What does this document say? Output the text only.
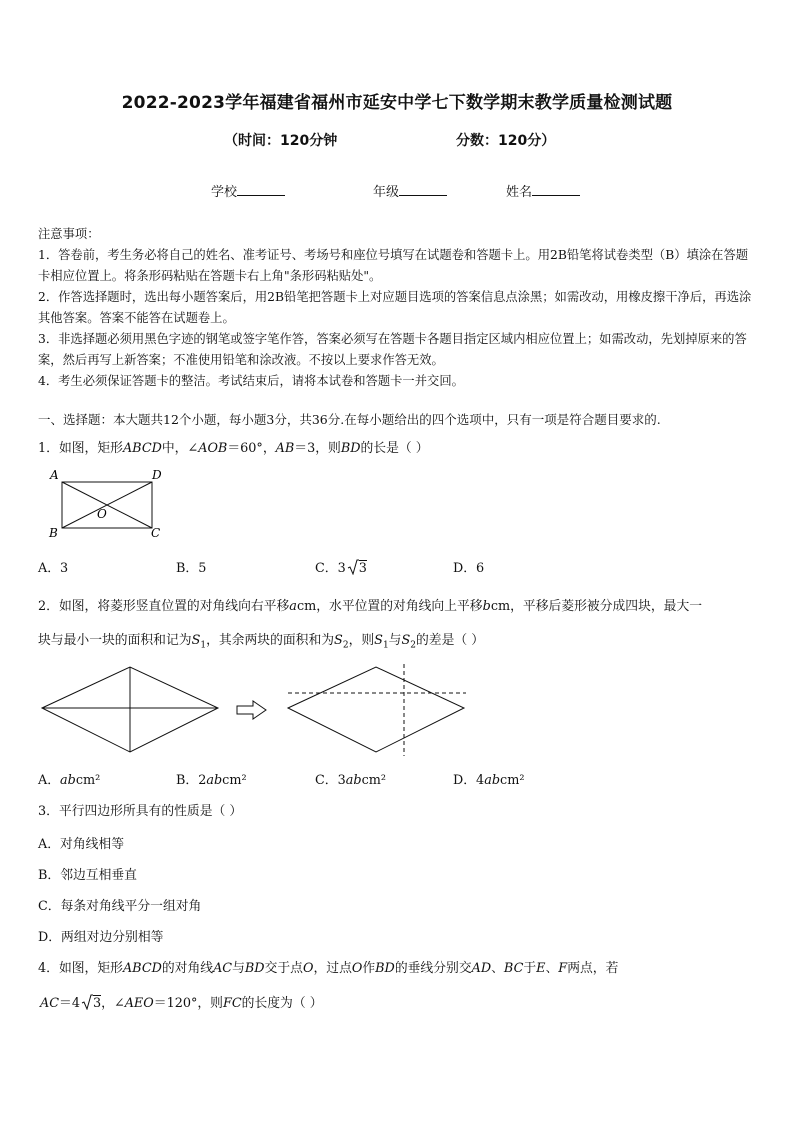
2022-2023学年福建省福州市延安中学七下数学期末教学质量检测试题
（时间：120分钟	分数：120分）
学校	年级	姓名

注意事项：

1．答卷前，考生务必将自己的姓名、准考证号、考场号和座位号填写在试题卷和答题卡上。用2B铅笔将试卷类型（B）填涂在答题卡相应位置上。将条形码粘贴在答题卡右上角"条形码粘贴处"。

2．作答选择题时，选出每小题答案后，用2B铅笔把答题卡上对应题目选项的答案信息点涂黑；如需改动，用橡皮擦干净后，再选涂其他答案。答案不能答在试题卷上。

3．非选择题必须用黑色字迹的钢笔或签字笔作答，答案必须写在答题卡各题目指定区域内相应位置上；如需改动，先划掉原来的答案，然后再写上新答案；不准使用铅笔和涂改液。不按以上要求作答无效。

4．考生必须保证答题卡的整洁。考试结束后，请将本试卷和答题卡一并交回。

一、选择题：本大题共12个小题，每小题3分，共36分.在每小题给出的四个选项中，只有一项是符合题目要求的.
1．如图，矩形ABCD中，∠AOB＝60°，AB＝3，则BD的长是（ ）
A	D
B	C
O
A．3	B．5	C．3 3	D．6
2．如图，将菱形竖直位置的对角线向右平移acm，水平位置的对角线向上平移bcm，平移后菱形被分成四块，最大一
块与最小一块的面积和记为$S_1$，其余两块的面积和为$S_2$，则$S_1$与$S_2$的差是（ ）
A．abcm²	B．2abcm²	C．3abcm²	D．4abcm²
3．平行四边形所具有的性质是（ ）
A．对角线相等
B．邻边互相垂直
C．每条对角线平分一组对角
D．两组对边分别相等
4．如图，矩形ABCD的对角线AC与BD交于点O，过点O作BD的垂线分别交AD、BC于E、F两点，若
AC＝4 3，∠AEO＝120°，则FC的长度为（ ）
